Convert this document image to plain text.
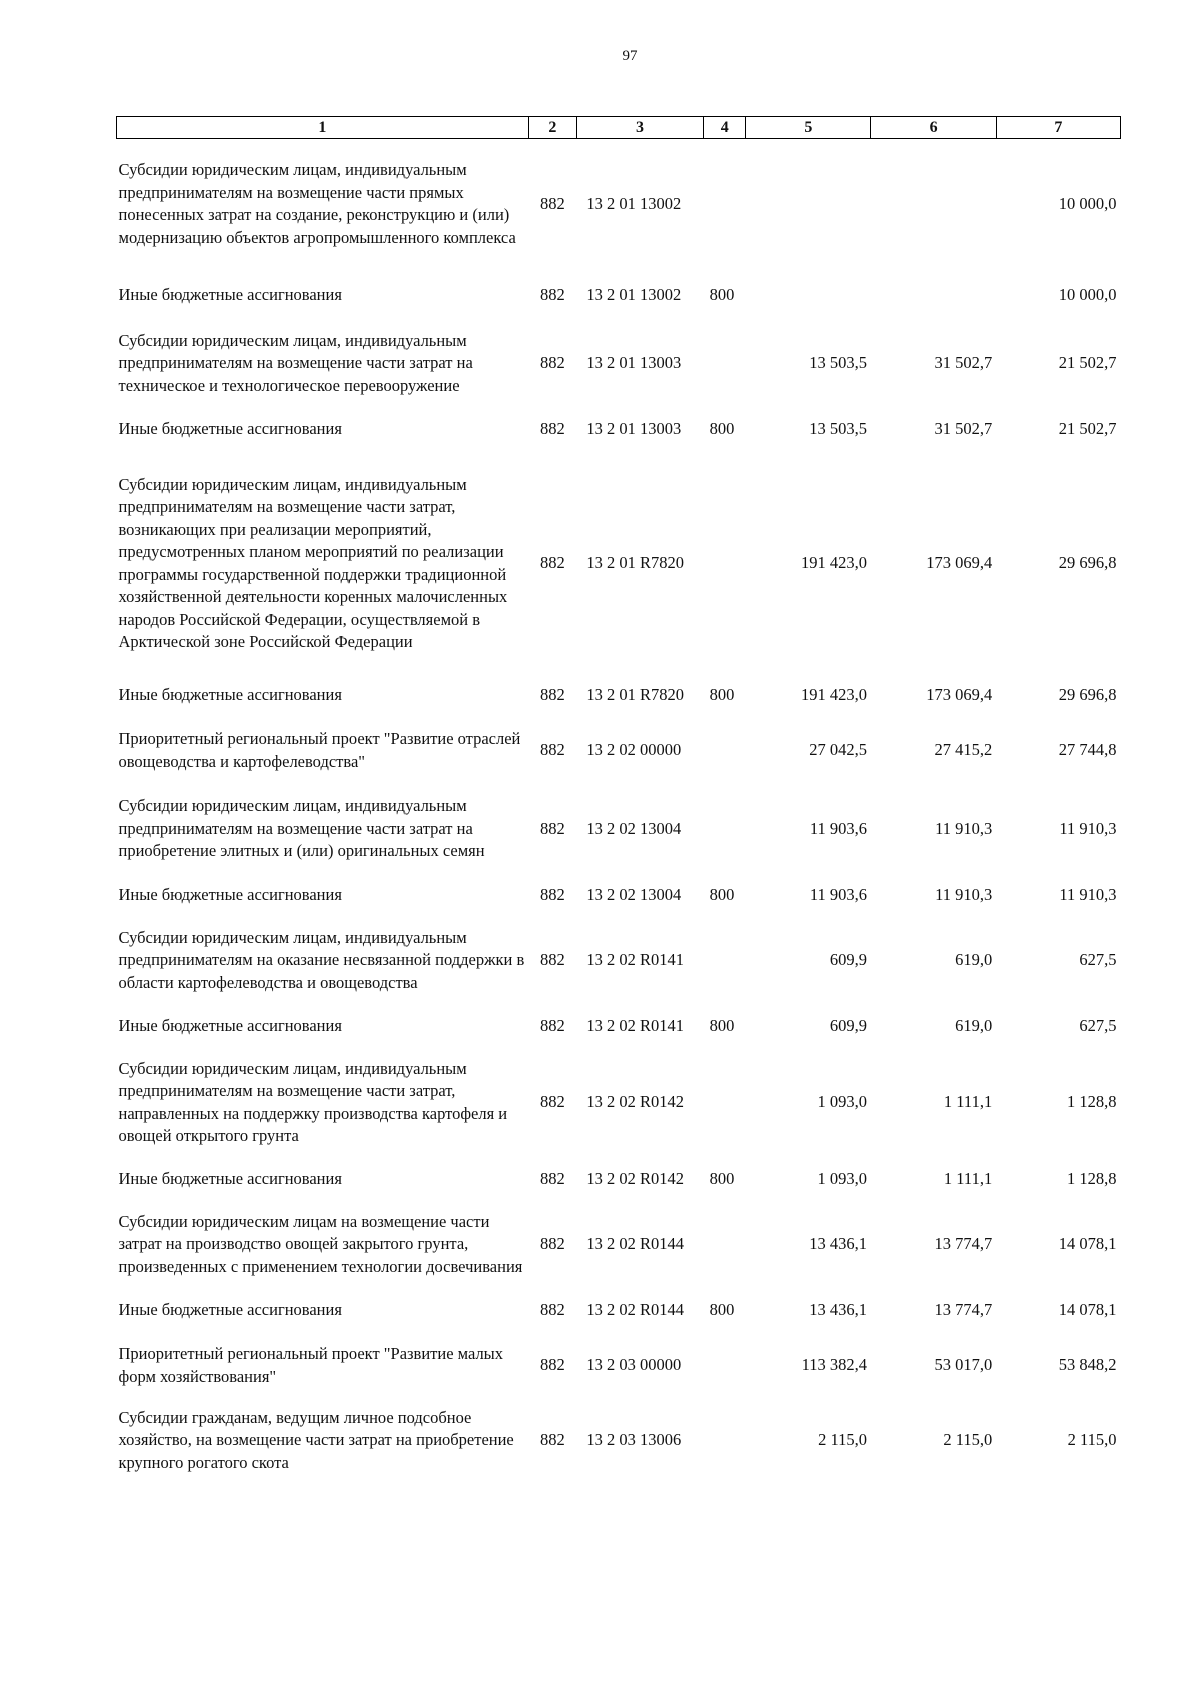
97
1	2	3	4	5	6	7
Субсидии юридическим лицам, индивидуальным предпринимателям на возмещение части прямых понесенных затрат на создание, реконструкцию и (или) модернизацию объектов агропромышленного комплекса	882	13 2 01 13002				10 000,0
Иные бюджетные ассигнования	882	13 2 01 13002	800			10 000,0
Субсидии юридическим лицам, индивидуальным предпринимателям на возмещение части затрат на техническое и технологическое перевооружение	882	13 2 01 13003		13 503,5	31 502,7	21 502,7
Иные бюджетные ассигнования	882	13 2 01 13003	800	13 503,5	31 502,7	21 502,7
Субсидии юридическим лицам, индивидуальным предпринимателям на возмещение части затрат, возникающих при реализации мероприятий, предусмотренных планом мероприятий по реализации программы государственной поддержки традиционной хозяйственной деятельности коренных малочисленных народов Российской Федерации, осуществляемой в Арктической зоне Российской Федерации	882	13 2 01 R7820		191 423,0	173 069,4	29 696,8
Иные бюджетные ассигнования	882	13 2 01 R7820	800	191 423,0	173 069,4	29 696,8
Приоритетный региональный проект "Развитие отраслей овощеводства и картофелеводства"	882	13 2 02 00000		27 042,5	27 415,2	27 744,8
Субсидии юридическим лицам, индивидуальным предпринимателям на возмещение части затрат на приобретение элитных и (или) оригинальных семян	882	13 2 02 13004		11 903,6	11 910,3	11 910,3
Иные бюджетные ассигнования	882	13 2 02 13004	800	11 903,6	11 910,3	11 910,3
Субсидии юридическим лицам, индивидуальным предпринимателям на оказание несвязанной поддержки в области картофелеводства и овощеводства	882	13 2 02 R0141		609,9	619,0	627,5
Иные бюджетные ассигнования	882	13 2 02 R0141	800	609,9	619,0	627,5
Субсидии юридическим лицам, индивидуальным предпринимателям на возмещение части затрат, направленных на поддержку производства картофеля и овощей открытого грунта	882	13 2 02 R0142		1 093,0	1 111,1	1 128,8
Иные бюджетные ассигнования	882	13 2 02 R0142	800	1 093,0	1 111,1	1 128,8
Субсидии юридическим лицам на возмещение части затрат на производство овощей закрытого грунта, произведенных с применением технологии досвечивания	882	13 2 02 R0144		13 436,1	13 774,7	14 078,1
Иные бюджетные ассигнования	882	13 2 02 R0144	800	13 436,1	13 774,7	14 078,1
Приоритетный региональный проект "Развитие малых форм хозяйствования"	882	13 2 03 00000		113 382,4	53 017,0	53 848,2
Субсидии гражданам, ведущим личное подсобное хозяйство, на возмещение части затрат на приобретение крупного рогатого скота	882	13 2 03 13006		2 115,0	2 115,0	2 115,0
